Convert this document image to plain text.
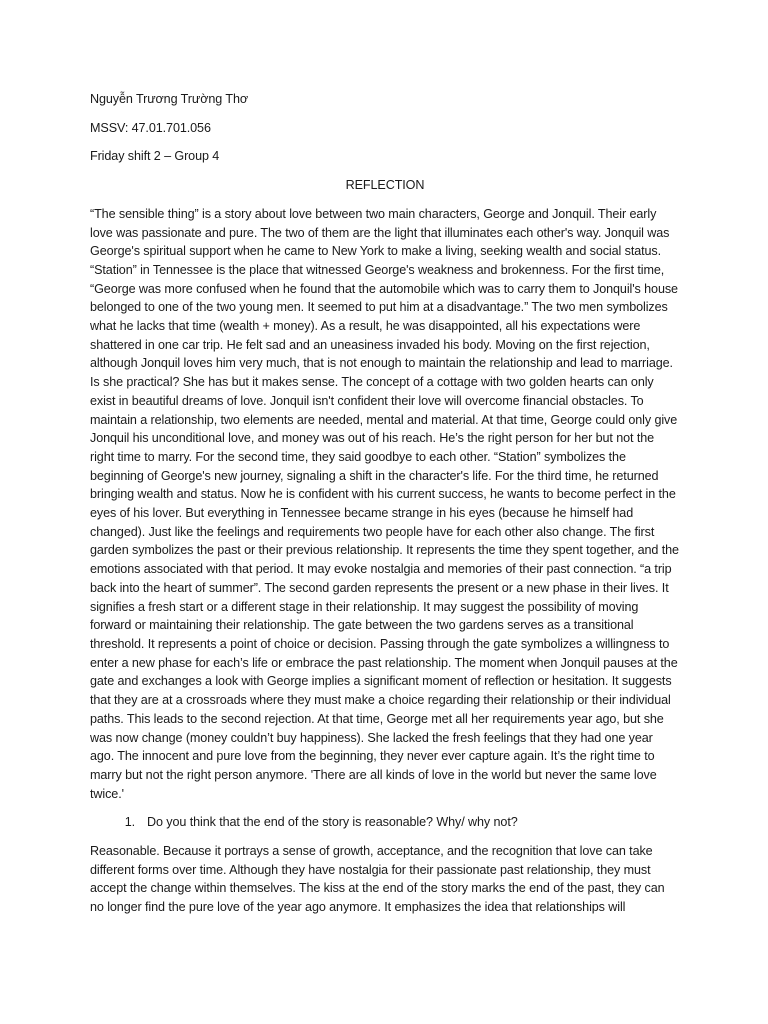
Nguyễn Trương Trường Thơ

MSSV: 47.01.701.056

Friday shift 2 – Group 4

REFLECTION

“The sensible thing” is a story about love between two main characters, George and Jonquil. Their early love was passionate and pure. The two of them are the light that illuminates each other's way. Jonquil was George's spiritual support when he came to New York to make a living, seeking wealth and social status. “Station” in Tennessee is the place that witnessed George's weakness and brokenness. For the first time, “George was more confused when he found that the automobile which was to carry them to Jonquil's house belonged to one of the two young men. It seemed to put him at a disadvantage.” The two men symbolizes what he lacks that time (wealth + money). As a result, he was disappointed, all his expectations were shattered in one car trip. He felt sad and an uneasiness invaded his body. Moving on the first rejection, although Jonquil loves him very much, that is not enough to maintain the relationship and lead to marriage. Is she practical? She has but it makes sense. The concept of a cottage with two golden hearts can only exist in beautiful dreams of love. Jonquil isn't confident their love will overcome financial obstacles. To maintain a relationship, two elements are needed, mental and material. At that time, George could only give Jonquil his unconditional love, and money was out of his reach. He’s the right person for her but not the right time to marry. For the second time, they said goodbye to each other. “Station” symbolizes the beginning of George's new journey, signaling a shift in the character's life. For the third time, he returned bringing wealth and status. Now he is confident with his current success, he wants to become perfect in the eyes of his lover. But everything in Tennessee became strange in his eyes (because he himself had changed). Just like the feelings and requirements two people have for each other also change. The first garden symbolizes the past or their previous relationship. It represents the time they spent together, and the emotions associated with that period. It may evoke nostalgia and memories of their past connection. “a trip back into the heart of summer”. The second garden represents the present or a new phase in their lives. It signifies a fresh start or a different stage in their relationship. It may suggest the possibility of moving forward or maintaining their relationship. The gate between the two gardens serves as a transitional threshold. It represents a point of choice or decision. Passing through the gate symbolizes a willingness to enter a new phase for each’s life or embrace the past relationship. The moment when Jonquil pauses at the gate and exchanges a look with George implies a significant moment of reflection or hesitation. It suggests that they are at a crossroads where they must make a choice regarding their relationship or their individual paths. This leads to the second rejection. At that time, George met all her requirements year ago, but she was now change (money couldn’t buy happiness). She lacked the fresh feelings that they had one year ago. The innocent and pure love from the beginning, they never ever capture again. It’s the right time to marry but not the right person anymore. 'There are all kinds of love in the world but never the same love twice.'

1. Do you think that the end of the story is reasonable? Why/ why not?

Reasonable. Because it portrays a sense of growth, acceptance, and the recognition that love can take different forms over time. Although they have nostalgia for their passionate past relationship, they must accept the change within themselves. The kiss at the end of the story marks the end of the past, they can no longer find the pure love of the year ago anymore. It emphasizes the idea that relationships will
